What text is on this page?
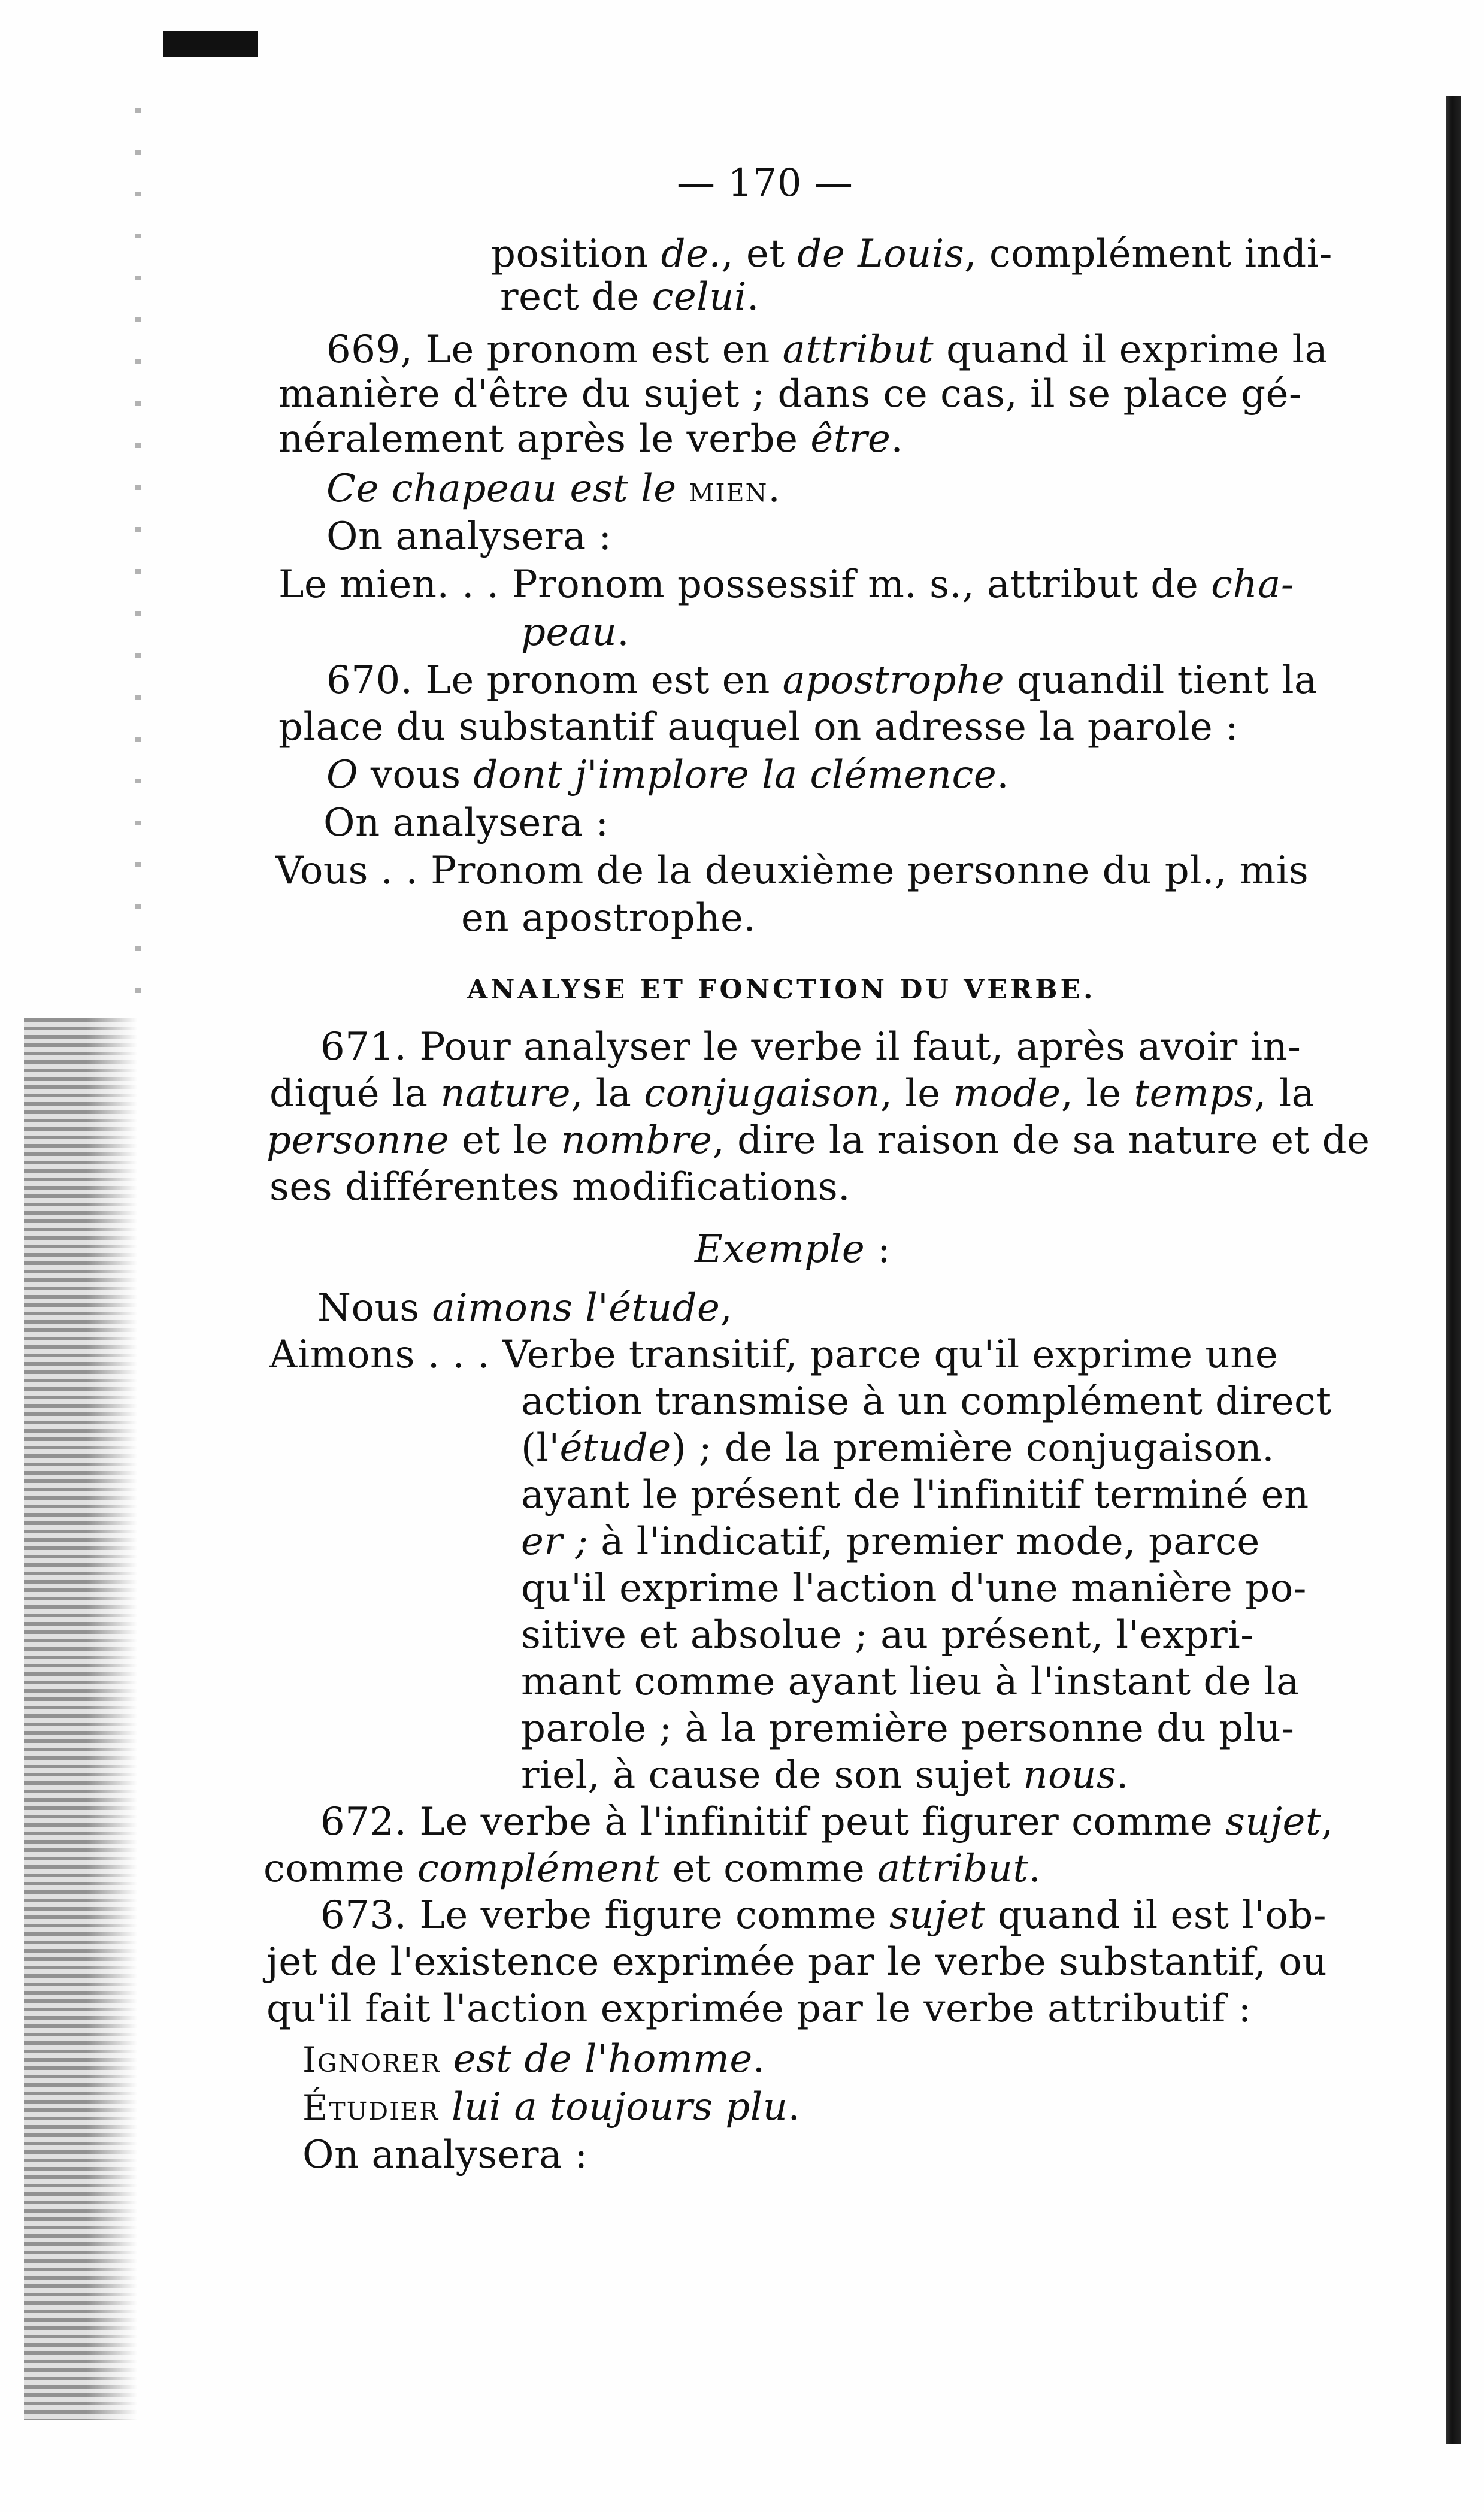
— 170 —
position de., et de Louis, complément indi-
rect de celui.
669, Le pronom est en attribut quand il exprime la
manière d'être du sujet ; dans ce cas, il se place gé-
néralement après le verbe être.
Ce chapeau est le mien.
On analysera :
Le mien. . . Pronom possessif m. s., attribut de cha-
peau.
670. Le pronom est en apostrophe quandil tient la
place du substantif auquel on adresse la parole :
O vous dont j'implore la clémence.
On analysera :
Vous . . Pronom de la deuxième personne du pl., mis
en apostrophe.
ANALYSE ET FONCTION DU VERBE.
671. Pour analyser le verbe il faut, après avoir in-
diqué la nature, la conjugaison, le mode, le temps, la
personne et le nombre, dire la raison de sa nature et de
ses différentes modifications.
Exemple :
Nous aimons l'étude,
Aimons . . . Verbe transitif, parce qu'il exprime une
action transmise à un complément direct
(l'étude) ; de la première conjugaison.
ayant le présent de l'infinitif terminé en
er ; à l'indicatif, premier mode, parce
qu'il exprime l'action d'une manière po-
sitive et absolue ; au présent, l'expri-
mant comme ayant lieu à l'instant de la
parole ; à la première personne du plu-
riel, à cause de son sujet nous.
672. Le verbe à l'infinitif peut figurer comme sujet,
comme complément et comme attribut.
673. Le verbe figure comme sujet quand il est l'ob-
jet de l'existence exprimée par le verbe substantif, ou
qu'il fait l'action exprimée par le verbe attributif :
Ignorer est de l'homme.
Étudier lui a toujours plu.
On analysera :
